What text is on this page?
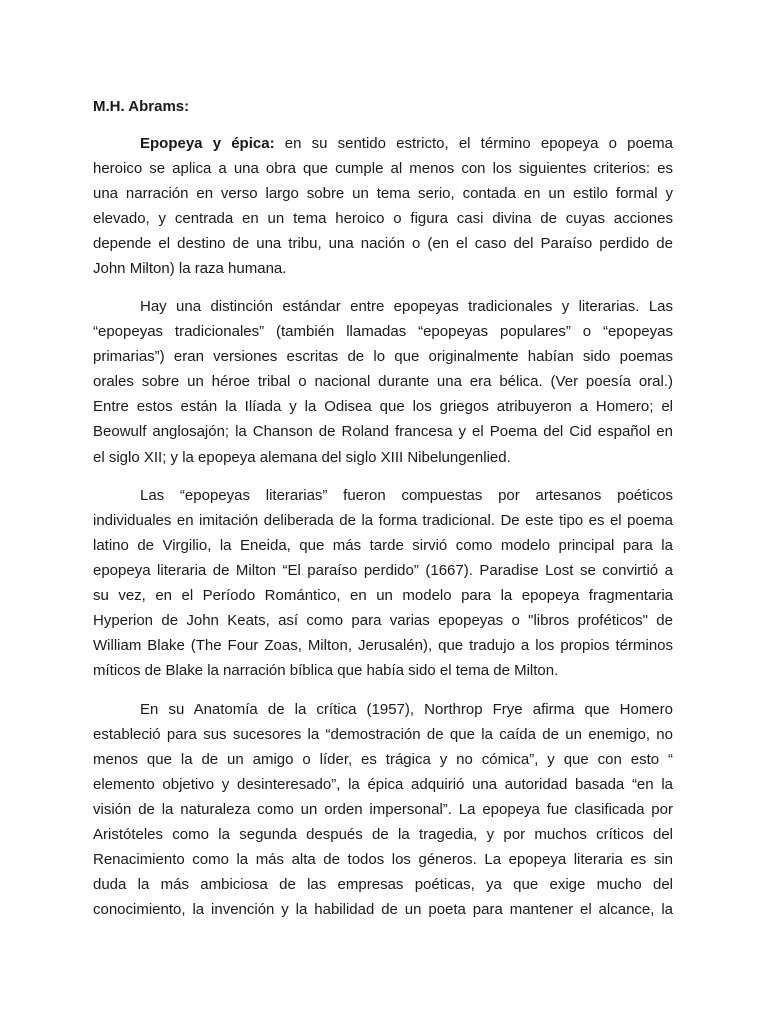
M.H. Abrams:
Epopeya y épica: en su sentido estricto, el término epopeya o poema
heroico se aplica a una obra que cumple al menos con los siguientes criterios: es
una narración en verso largo sobre un tema serio, contada en un estilo formal y
elevado, y centrada en un tema heroico o figura casi divina de cuyas acciones
depende el destino de una tribu, una nación o (en el caso del Paraíso perdido de
John Milton) la raza humana.
Hay una distinción estándar entre epopeyas tradicionales y literarias. Las
“epopeyas tradicionales” (también llamadas “epopeyas populares” o “epopeyas
primarias”) eran versiones escritas de lo que originalmente habían sido poemas
orales sobre un héroe tribal o nacional durante una era bélica. (Ver poesía oral.)
Entre estos están la Ilíada y la Odisea que los griegos atribuyeron a Homero; el
Beowulf anglosajón; la Chanson de Roland francesa y el Poema del Cid español en
el siglo XII; y la epopeya alemana del siglo XIII Nibelungenlied.
Las “epopeyas literarias” fueron compuestas por artesanos poéticos
individuales en imitación deliberada de la forma tradicional. De este tipo es el poema
latino de Virgilio, la Eneida, que más tarde sirvió como modelo principal para la
epopeya literaria de Milton “El paraíso perdido” (1667). Paradise Lost se convirtió a
su vez, en el Período Romántico, en un modelo para la epopeya fragmentaria
Hyperion de John Keats, así como para varias epopeyas o "libros proféticos" de
William Blake (The Four Zoas, Milton, Jerusalén), que tradujo a los propios términos
míticos de Blake la narración bíblica que había sido el tema de Milton.
En su Anatomía de la crítica (1957), Northrop Frye afirma que Homero
estableció para sus sucesores la “demostración de que la caída de un enemigo, no
menos que la de un amigo o líder, es trágica y no cómica”, y que con esto “
elemento objetivo y desinteresado”, la épica adquirió una autoridad basada “en la
visión de la naturaleza como un orden impersonal”. La epopeya fue clasificada por
Aristóteles como la segunda después de la tragedia, y por muchos críticos del
Renacimiento como la más alta de todos los géneros. La epopeya literaria es sin
duda la más ambiciosa de las empresas poéticas, ya que exige mucho del
conocimiento, la invención y la habilidad de un poeta para mantener el alcance, la
